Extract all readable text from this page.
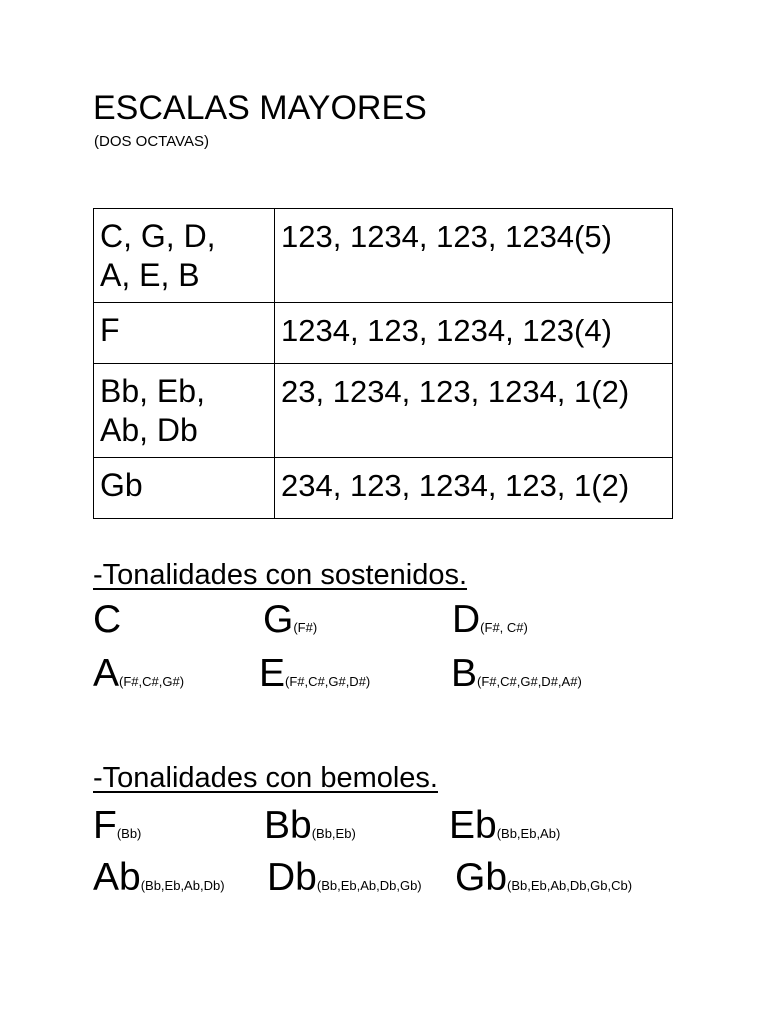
ESCALAS MAYORES
(DOS OCTAVAS)
C, G, D,
A, E, B	123, 1234, 123, 1234(5)
F	1234, 123, 1234, 123(4)
Bb, Eb,
Ab, Db	23, 1234, 123, 1234, 1(2)
Gb	234, 123, 1234, 123, 1(2)
-Tonalidades con sostenidos.
C	G(F#)	D(F#, C#)
A(F#,C#,G#) E(F#,C#,G#,D#) B(F#,C#,G#,D#,A#)
-Tonalidades con bemoles.
F(Bb)	Bb(Bb,Eb) Eb(Bb,Eb,Ab)
Ab(Bb,Eb,Ab,Db) Db(Bb,Eb,Ab,Db,Gb) Gb(Bb,Eb,Ab,Db,Gb,Cb)
